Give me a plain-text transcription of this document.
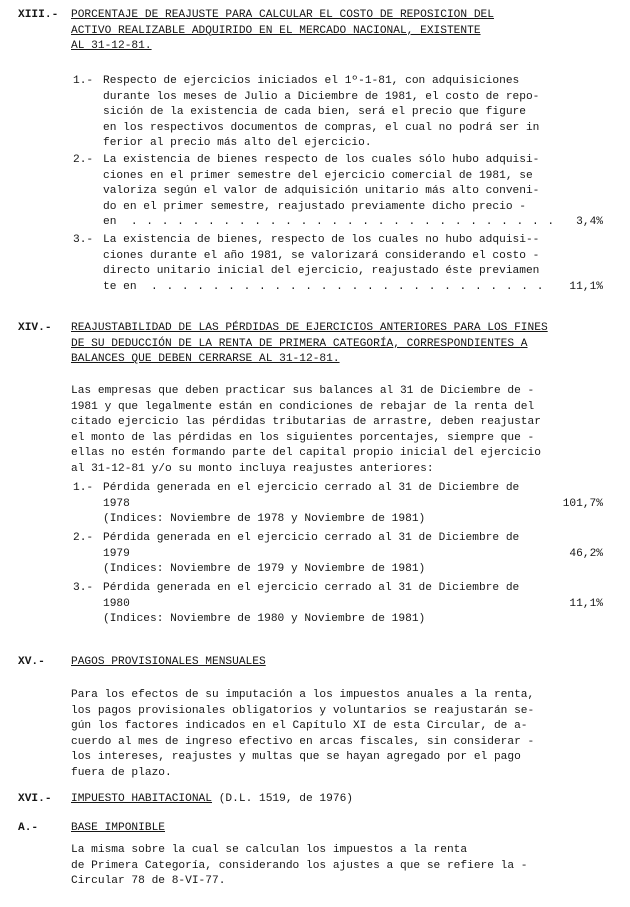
XIII.- PORCENTAJE DE REAJUSTE PARA CALCULAR EL COSTO DE REPOSICION DEL
ACTIVO REALIZABLE ADQUIRIDO EN EL MERCADO NACIONAL, EXISTENTE
AL 31-12-81.
1.- Respecto de ejercicios iniciados el 1º-1-81, con adquisiciones
durante los meses de Julio a Diciembre de 1981, el costo de repo-
sición de la existencia de cada bien, será el precio que figure
en los respectivos documentos de compras, el cual no podrá ser in
ferior al precio más alto del ejercicio.
2.- La existencia de bienes respecto de los cuales sólo hubo adquisi-
ciones en el primer semestre del ejercicio comercial de 1981, se
valoriza según el valor de adquisición unitario más alto conveni-
do en el primer semestre, reajustado previamente dicho precio -
en  . . . . . . . . . . . . . . . . . . . . . . . . . . . . 3,4%
3.- La existencia de bienes, respecto de los cuales no hubo adquisi--
ciones durante el año 1981, se valorizará considerando el costo -
directo unitario inicial del ejercicio, reajustado éste previamen
te en  . . . . . . . . . . . . . . . . . . . . . . . . . . 11,1%
XIV.- REAJUSTABILIDAD DE LAS PÉRDIDAS DE EJERCICIOS ANTERIORES PARA LOS FINES
DE SU DEDUCCIÓN DE LA RENTA DE PRIMERA CATEGORÍA, CORRESPONDIENTES A
BALANCES QUE DEBEN CERRARSE AL 31-12-81.
Las empresas que deben practicar sus balances al 31 de Diciembre de -
1981 y que legalmente están en condiciones de rebajar de la renta del
citado ejercicio las pérdidas tributarias de arrastre, deben reajustar
el monto de las pérdidas en los siguientes porcentajes, siempre que -
ellas no estén formando parte del capital propio inicial del ejercicio
al 31-12-81 y/o su monto incluya reajustes anteriores:
1.- Pérdida generada en el ejercicio cerrado al 31 de Diciembre de
1978	101,7%
(Indices: Noviembre de 1978 y Noviembre de 1981)
2.- Pérdida generada en el ejercicio cerrado al 31 de Diciembre de
1979	46,2%
(Indices: Noviembre de 1979 y Noviembre de 1981)
3.- Pérdida generada en el ejercicio cerrado al 31 de Diciembre de
1980	11,1%
(Indices: Noviembre de 1980 y Noviembre de 1981)
XV.- PAGOS PROVISIONALES MENSUALES
Para los efectos de su imputación a los impuestos anuales a la renta,
los pagos provisionales obligatorios y voluntarios se reajustarán se-
gún los factores indicados en el Capítulo XI de esta Circular, de a-
cuerdo al mes de ingreso efectivo en arcas fiscales, sin considerar -
los intereses, reajustes y multas que se hayan agregado por el pago
fuera de plazo.
XVI.- IMPUESTO HABITACIONAL (D.L. 1519, de 1976)
A.-	BASE IMPONIBLE
La misma sobre la cual se calculan los impuestos a la renta
de Primera Categoría, considerando los ajustes a que se refiere la -
Circular 78 de 8-VI-77.
